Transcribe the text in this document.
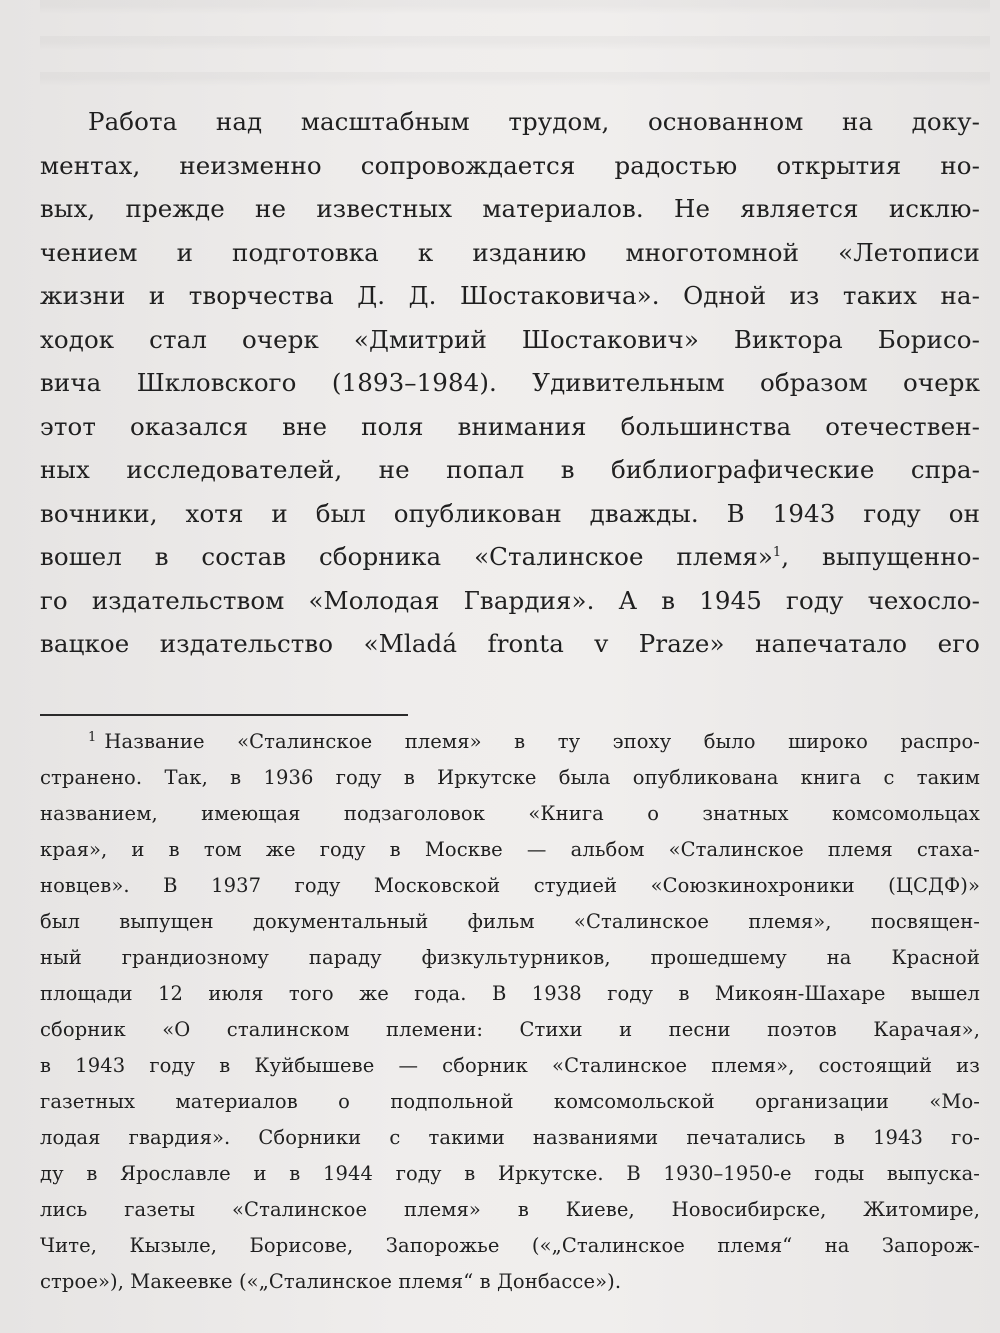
Работа над масштабным трудом, основанном на доку-
ментах, неизменно сопровождается радостью открытия но-
вых, прежде не известных материалов. Не является исклю-
чением и подготовка к изданию многотомной «Летописи
жизни и творчества Д. Д. Шостаковича». Одной из таких на-
ходок стал очерк «Дмитрий Шостакович» Виктора Борисо-
вича Шкловского (1893–1984). Удивительным образом очерк
этот оказался вне поля внимания большинства отечествен-
ных исследователей, не попал в библиографические спра-
вочники, хотя и был опубликован дважды. В 1943 году он
вошел в состав сборника «Сталинское племя»$^1$, выпущенно-
го издательством «Молодая Гвардия». А в 1945 году чехосло-
вацкое издательство «Mladá fronta v Praze» напечатало его
$^1$ Название «Сталинское племя» в ту эпоху было широко распро-
странено. Так, в 1936 году в Иркутске была опубликована книга с таким
названием, имеющая подзаголовок «Книга о знатных комсомольцах
края», и в том же году в Москве — альбом «Сталинское племя стаха-
новцев». В 1937 году Московской студией «Союзкинохроники (ЦСДФ)»
был выпущен документальный фильм «Сталинское племя», посвящен-
ный грандиозному параду физкультурников, прошедшему на Красной
площади 12 июля того же года. В 1938 году в Микоян-Шахаре вышел
сборник «О сталинском племени: Стихи и песни поэтов Карачая»,
в 1943 году в Куйбышеве — сборник «Сталинское племя», состоящий из
газетных материалов о подпольной комсомольской организации «Мо-
лодая гвардия». Сборники с такими названиями печатались в 1943 го-
ду в Ярославле и в 1944 году в Иркутске. В 1930–1950-е годы выпуска-
лись газеты «Сталинское племя» в Киеве, Новосибирске, Житомире,
Чите, Кызыле, Борисове, Запорожье («„Сталинское племя“ на Запорож-
строе»), Макеевке («„Сталинское племя“ в Донбассе»).
